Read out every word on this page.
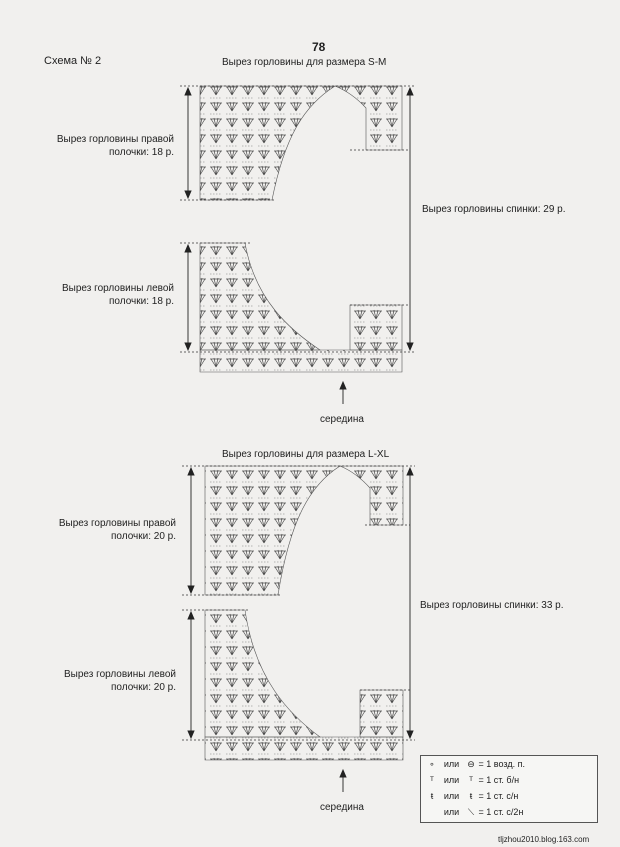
78
Схема № 2	Вырез горловины для размера S-M
Вырез горловины правой полочки: 18 р.
Вырез горловины левой полочки: 18 р.
Вырез горловины спинки: 29 р.
середина
Вырез горловины для размера L-XL
Вырез горловины правой полочки: 20 р.
Вырез горловины левой полочки: 20 р.
Вырез горловины спинки: 33 р.
середина
∘ или ⊖ = 1 возд. п.
ᵀ или ᵀ = 1 ст. б/н
ŧ или ŧ = 1 ст. с/н
или ⟍ = 1 ст. с/2н
tljzhou2010.blog.163.com
